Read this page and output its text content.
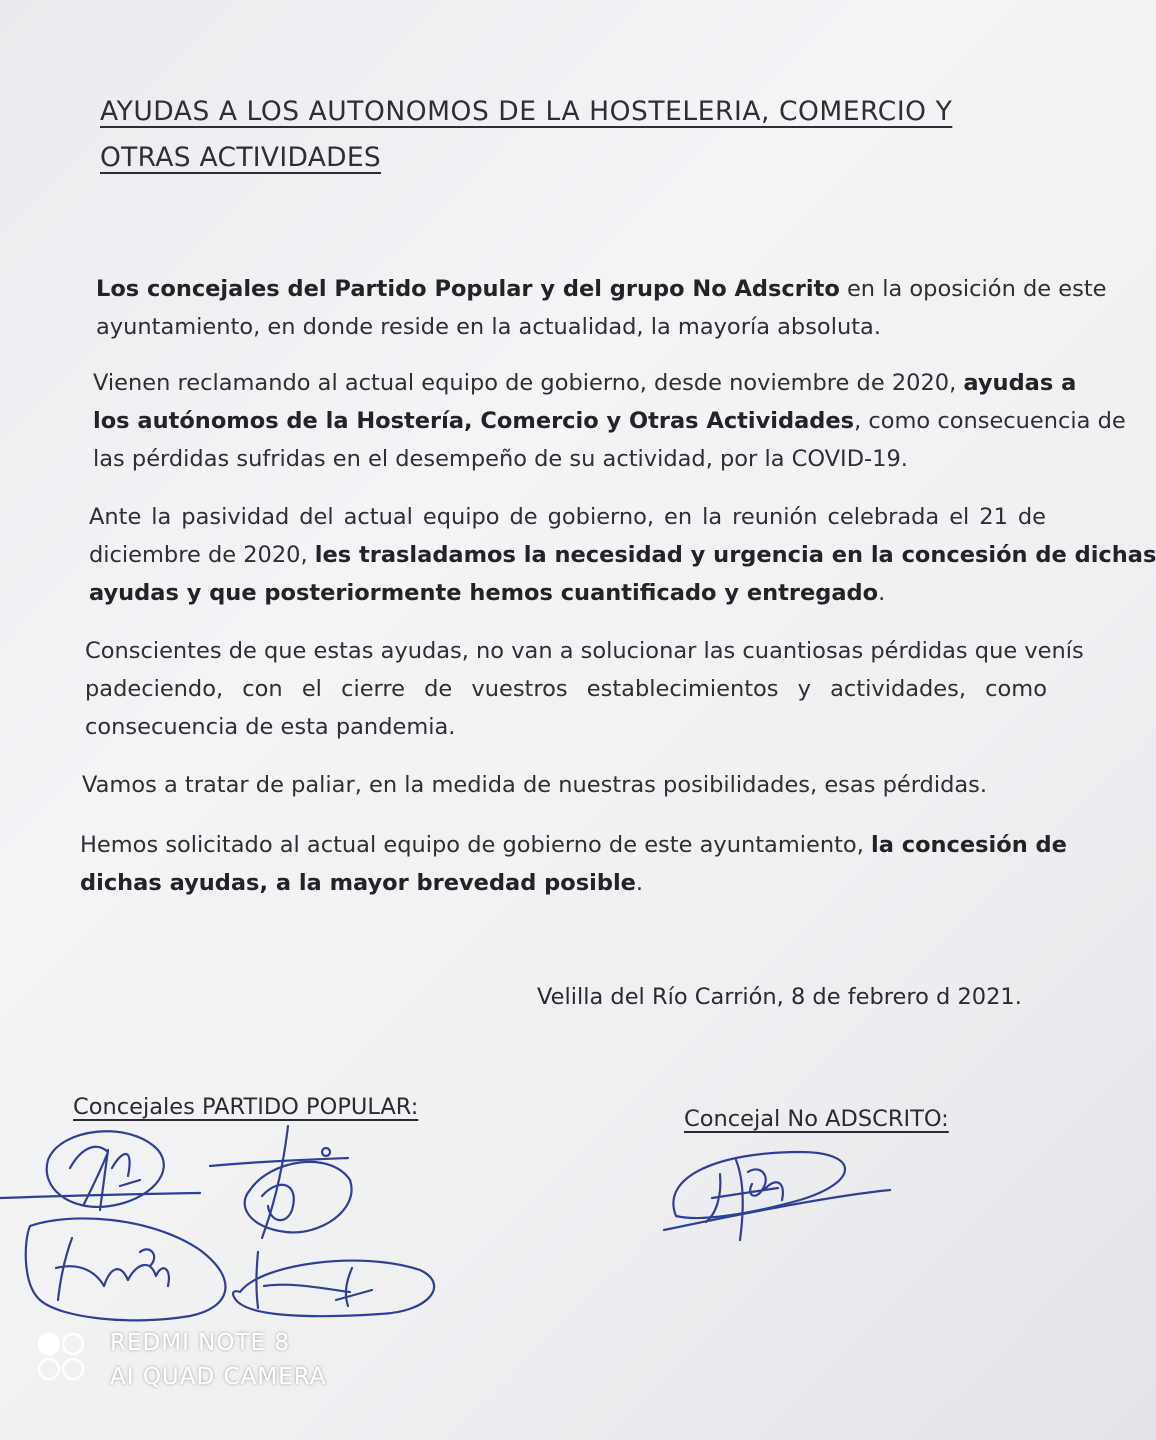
AYUDAS A LOS AUTONOMOS DE LA HOSTELERIA, COMERCIO Y
OTRAS ACTIVIDADES
Los concejales del Partido Popular y del grupo No Adscrito en la oposición de este
ayuntamiento, en donde reside en la actualidad, la mayoría absoluta.
Vienen reclamando al actual equipo de gobierno, desde noviembre de 2020, ayudas a
los autónomos de la Hostería, Comercio y Otras Actividades, como consecuencia de
las pérdidas sufridas en el desempeño de su actividad, por la COVID-19.
Ante la pasividad del actual equipo de gobierno, en la reunión celebrada el 21 de
diciembre de 2020, les trasladamos la necesidad y urgencia en la concesión de dichas
ayudas y que posteriormente hemos cuantificado y entregado.
Conscientes de que estas ayudas, no van a solucionar las cuantiosas pérdidas que venís
padeciendo, con el cierre de vuestros establecimientos y actividades, como
consecuencia de esta pandemia.
Vamos a tratar de paliar, en la medida de nuestras posibilidades, esas pérdidas.
Hemos solicitado al actual equipo de gobierno de este ayuntamiento, la concesión de
dichas ayudas, a la mayor brevedad posible.
Velilla del Río Carrión, 8 de febrero d 2021.
Concejales PARTIDO POPULAR:	Concejal No ADSCRITO:
REDMI NOTE 8
AI QUAD CAMERA
